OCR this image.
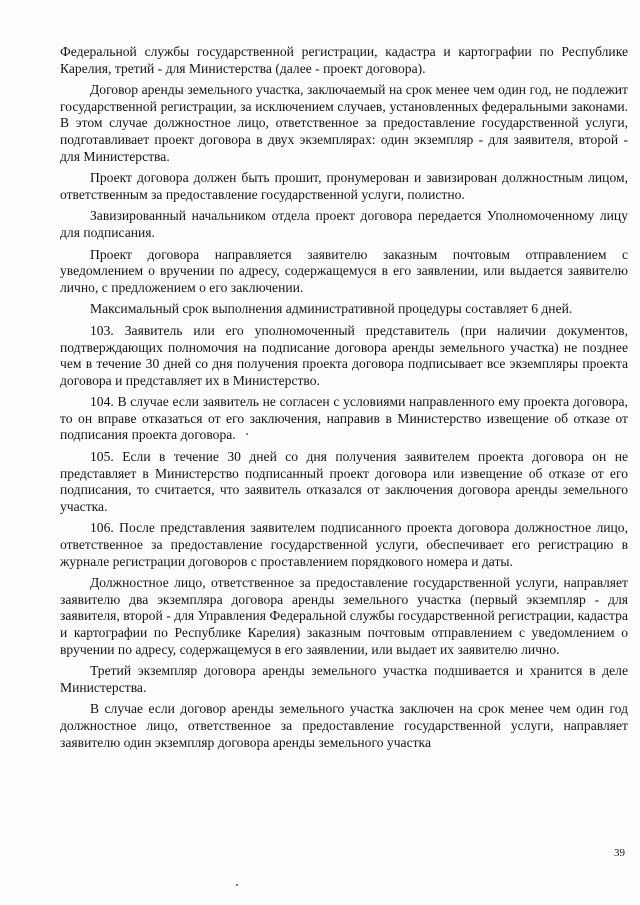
Федеральной службы государственной регистрации, кадастра и картографии по Республике Карелия, третий - для Министерства (далее - проект договора).

Договор аренды земельного участка, заключаемый на срок менее чем один год, не подлежит государственной регистрации, за исключением случаев, установленных федеральными законами. В этом случае должностное лицо, ответственное за предоставление государственной услуги, подготавливает проект договора в двух экземплярах: один экземпляр - для заявителя, второй - для Министерства.

Проект договора должен быть прошит, пронумерован и завизирован должностным лицом, ответственным за предоставление государственной услуги, полистно.

Завизированный начальником отдела проект договора передается Уполномоченному лицу для подписания.

Проект договора направляется заявителю заказным почтовым отправлением с уведомлением о вручении по адресу, содержащемуся в его заявлении, или выдается заявителю лично, с предложением о его заключении.

Максимальный срок выполнения административной процедуры составляет 6 дней.

103. Заявитель или его уполномоченный представитель (при наличии документов, подтверждающих полномочия на подписание договора аренды земельного участка) не позднее чем в течение 30 дней со дня получения проекта договора подписывает все экземпляры проекта договора и представляет их в Министерство.

104. В случае если заявитель не согласен с условиями направленного ему проекта договора, то он вправе отказаться от его заключения, направив в Министерство извещение об отказе от подписания проекта договора.

105. Если в течение 30 дней со дня получения заявителем проекта договора он не представляет в Министерство подписанный проект договора или извещение об отказе от его подписания, то считается, что заявитель отказался от заключения договора аренды земельного участка.

106. После представления заявителем подписанного проекта договора должностное лицо, ответственное за предоставление государственной услуги, обеспечивает его регистрацию в журнале регистрации договоров с проставлением порядкового номера и даты.

Должностное лицо, ответственное за предоставление государственной услуги, направляет заявителю два экземпляра договора аренды земельного участка (первый экземпляр - для заявителя, второй - для Управления Федеральной службы государственной регистрации, кадастра и картографии по Республике Карелия) заказным почтовым отправлением с уведомлением о вручении по адресу, содержащемуся в его заявлении, или выдает их заявителю лично.

Третий экземпляр договора аренды земельного участка подшивается и хранится в деле Министерства.

В случае если договор аренды земельного участка заключен на срок менее чем один год должностное лицо, ответственное за предоставление государственной услуги, направляет заявителю один экземпляр договора аренды земельного участка

39
